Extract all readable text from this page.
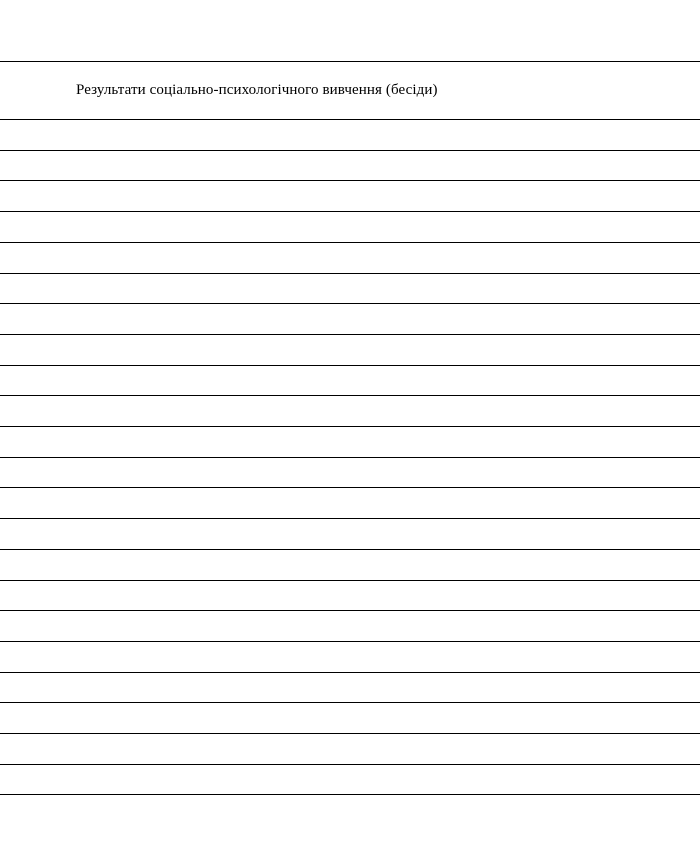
Результати соціально-психологічного вивчення (бесіди)
